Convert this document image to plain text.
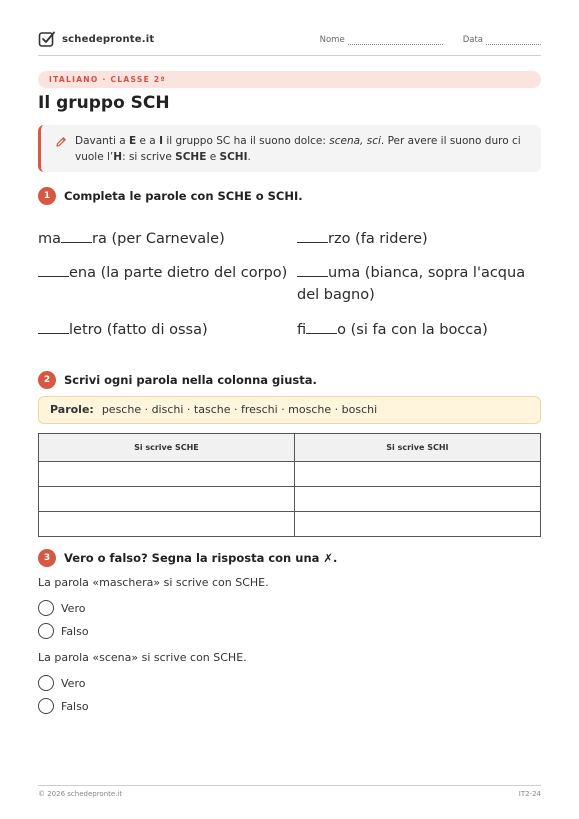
schedepronte.it	Nome	Data
ITALIANO · CLASSE 2ª
Il gruppo SCH
Davanti a E e a I il gruppo SC ha il suono dolce: scena, sci. Per avere il suono duro ci vuole l’H: si scrive SCHE e SCHI.
1	Completa le parole con SCHE o SCHI.
ma ra (per Carnevale)	rzo (fa ridere)
ena (la parte dietro del corpo)	uma (bianca, sopra l'acqua del bagno)
letro (fatto di ossa)	fi o (si fa con la bocca)
2	Scrivi ogni parola nella colonna giusta.
Parole: pesche · dischi · tasche · freschi · mosche · boschi
Si scrive SCHE	Si scrive SCHI

3	Vero o falso? Segna la risposta con una ✗.
La parola «maschera» si scrive con SCHE.
Vero
Falso
La parola «scena» si scrive con SCHE.
Vero
Falso
© 2026 schedepronte.it	IT2-24
